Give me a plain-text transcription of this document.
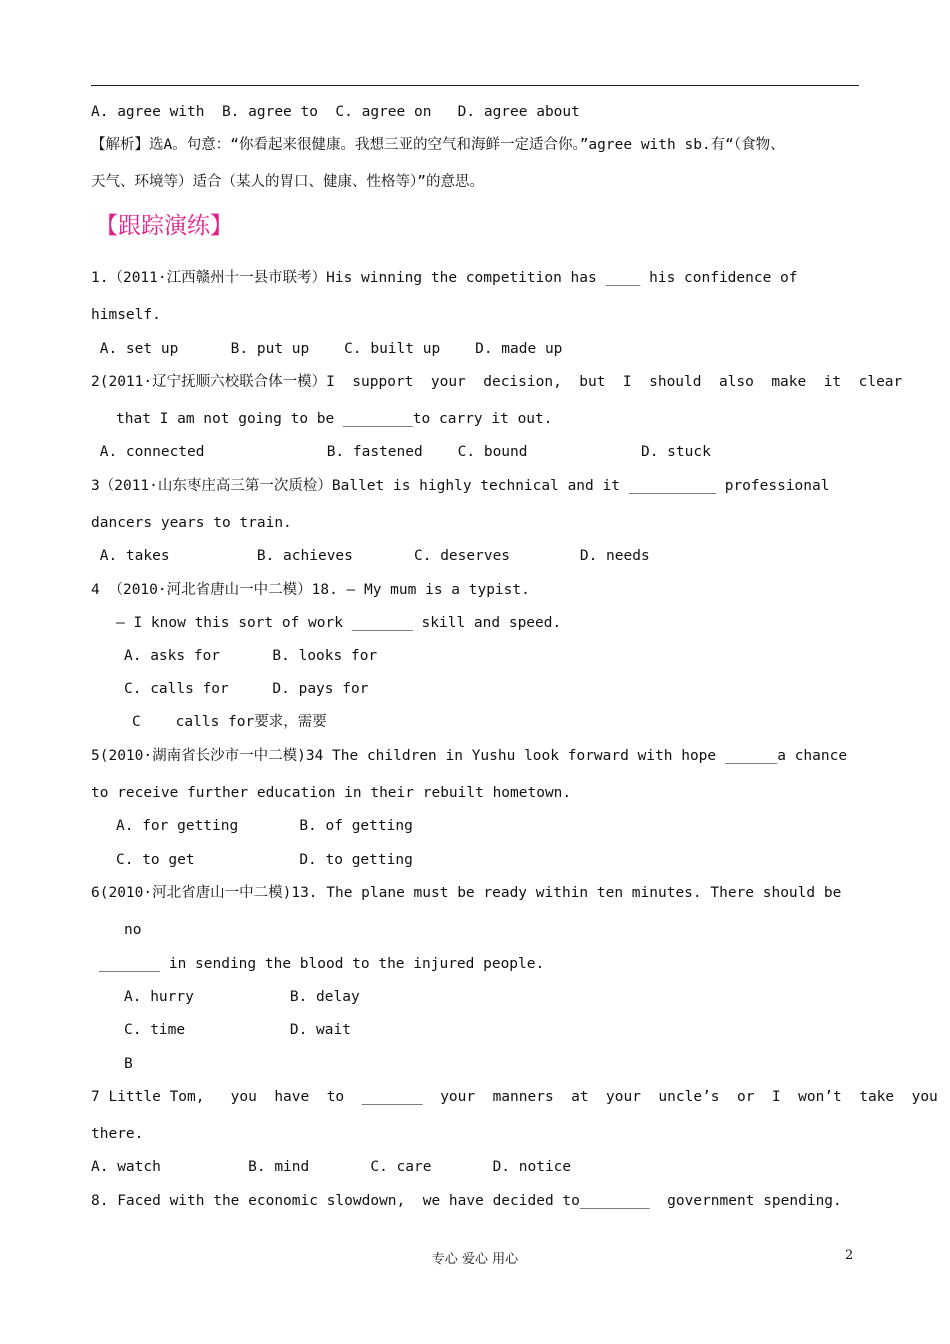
【跟踪演练】
A. agree with  B. agree to  C. agree on   D. agree about
【解析】选A。句意：“你看起来很健康。我想三亚的空气和海鲜一定适合你。”agree with sb.有“（食物、
天气、环境等）适合（某人的胃口、健康、性格等）”的意思。
1.（2011·江西赣州十一县市联考）His winning the competition has ____ his confidence of
himself.
A. set up      B. put up    C. built up    D. made up
2(2011·辽宁抚顺六校联合体一模）I  support  your  decision,  but  I  should  also  make  it  clear
that I am not going to be ________to carry it out.
A. connected              B. fastened    C. bound             D. stuck
3（2011·山东枣庄高三第一次质检）Ballet is highly technical and it __________ professional
dancers years to train.
A. takes          B. achieves       C. deserves        D. needs
4 （2010·河北省唐山一中二模）18. — My mum is a typist.
— I know this sort of work _______ skill and speed.
A. asks for      B. looks for
C. calls for     D. pays for
C    calls for要求，需要
5(2010·湖南省长沙市一中二模)34 The children in Yushu look forward with hope ______a chance
to receive further education in their rebuilt hometown.
A. for getting       B. of getting
C. to get            D. to getting
6(2010·河北省唐山一中二模)13. The plane must be ready within ten minutes. There should be
no
_______ in sending the blood to the injured people.
A. hurry           B. delay
C. time            D. wait
B
7 Little Tom,   you  have  to  _______  your  manners  at  your  uncle’s  or  I  won’t  take  you
there.
A. watch          B. mind       C. care       D. notice
8. Faced with the economic slowdown,  we have decided to________  government spending.
专心 爱心 用心	2
